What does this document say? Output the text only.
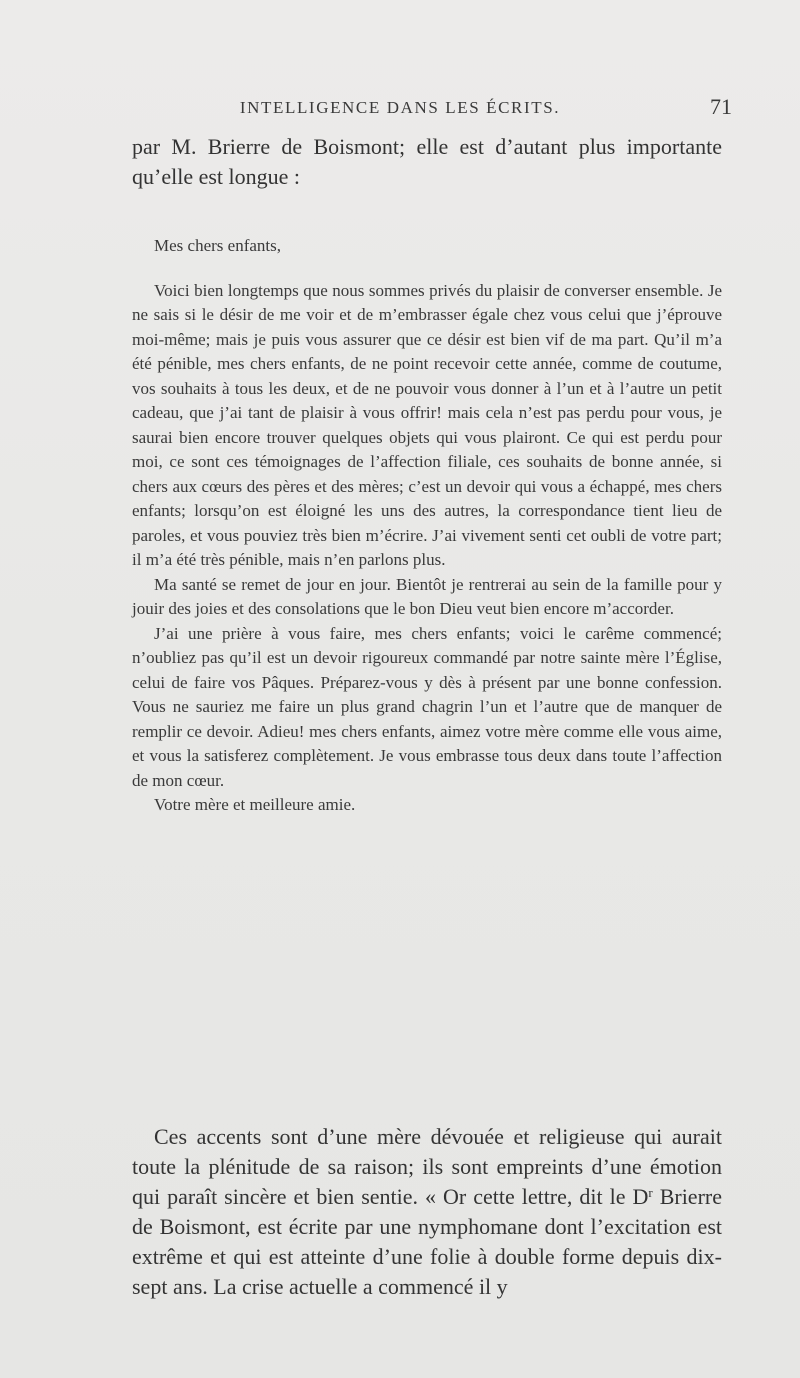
INTELLIGENCE DANS LES ÉCRITS.	71

par M. Brierre de Boismont; elle est d’autant plus importante qu’elle est longue :

Mes chers enfants,

Voici bien longtemps que nous sommes privés du plaisir de converser ensemble. Je ne sais si le désir de me voir et de m’embrasser égale chez vous celui que j’éprouve moi-même; mais je puis vous assurer que ce désir est bien vif de ma part. Qu’il m’a été pénible, mes chers enfants, de ne point recevoir cette année, comme de coutume, vos souhaits à tous les deux, et de ne pouvoir vous donner à l’un et à l’autre un petit cadeau, que j’ai tant de plaisir à vous offrir! mais cela n’est pas perdu pour vous, je saurai bien encore trouver quelques objets qui vous plairont. Ce qui est perdu pour moi, ce sont ces témoignages de l’affection filiale, ces souhaits de bonne année, si chers aux cœurs des pères et des mères; c’est un devoir qui vous a échappé, mes chers enfants; lorsqu’on est éloigné les uns des autres, la correspondance tient lieu de paroles, et vous pouviez très bien m’écrire. J’ai vivement senti cet oubli de votre part; il m’a été très pénible, mais n’en parlons plus.

Ma santé se remet de jour en jour. Bientôt je rentrerai au sein de la famille pour y jouir des joies et des consolations que le bon Dieu veut bien encore m’accorder.

J’ai une prière à vous faire, mes chers enfants; voici le carême commencé; n’oubliez pas qu’il est un devoir rigoureux commandé par notre sainte mère l’Église, celui de faire vos Pâques. Préparez-vous y dès à présent par une bonne confession. Vous ne sauriez me faire un plus grand chagrin l’un et l’autre que de manquer de remplir ce devoir. Adieu! mes chers enfants, aimez votre mère comme elle vous aime, et vous la satisferez complètement. Je vous embrasse tous deux dans toute l’affection de mon cœur.

Votre mère et meilleure amie.

Ces accents sont d’une mère dévouée et religieuse qui aurait toute la plénitude de sa raison; ils sont empreints d’une émotion qui paraît sincère et bien sentie. « Or cette lettre, dit le $D^r$ Brierre de Boismont, est écrite par une nymphomane dont l’excitation est extrême et qui est atteinte d’une folie à double forme depuis dix-sept ans. La crise actuelle a commencé il y
